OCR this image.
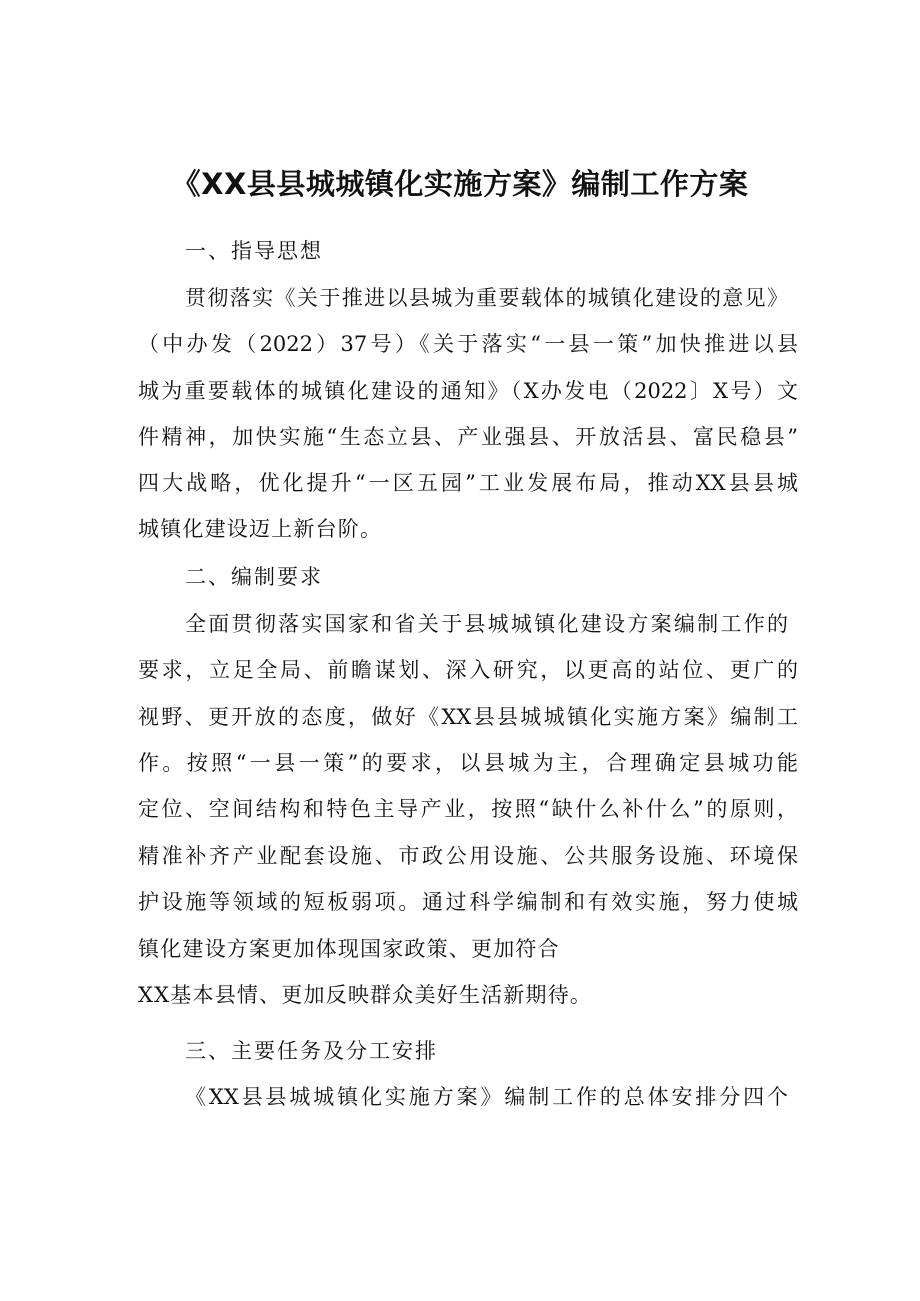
《XX县县城城镇化实施方案》编制工作方案
一、指导思想
贯彻落实《关于推进以县城为重要载体的城镇化建设的意见》
（中办发（2022）37号）《关于落实“一县一策”加快推进以县
城为重要载体的城镇化建设的通知》（X办发电（2022〕X号）文
件精神，加快实施“生态立县、产业强县、开放活县、富民稳县”
四大战略，优化提升“一区五园”工业发展布局，推动XX县县城
城镇化建设迈上新台阶。
二、编制要求
全面贯彻落实国家和省关于县城城镇化建设方案编制工作的
要求，立足全局、前瞻谋划、深入研究，以更高的站位、更广的
视野、更开放的态度，做好《XX县县城城镇化实施方案》编制工
作。按照“一县一策”的要求，以县城为主，合理确定县城功能
定位、空间结构和特色主导产业，按照“缺什么补什么”的原则，
精准补齐产业配套设施、市政公用设施、公共服务设施、环境保
护设施等领域的短板弱项。通过科学编制和有效实施，努力使城
镇化建设方案更加体现国家政策、更加符合
XX基本县情、更加反映群众美好生活新期待。
三、主要任务及分工安排
《XX县县城城镇化实施方案》编制工作的总体安排分四个
